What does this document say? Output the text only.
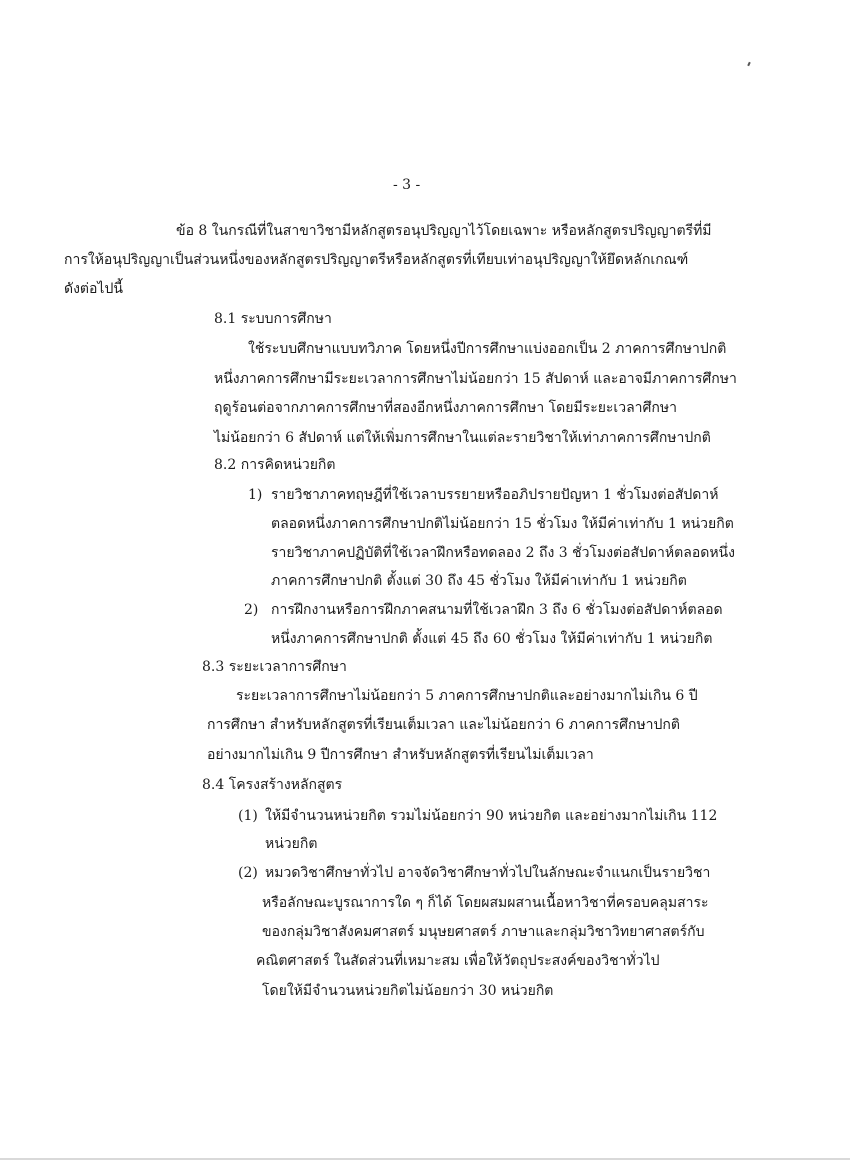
- 3 -
ข้อ 8 ในกรณีที่ในสาขาวิชามีหลักสูตรอนุปริญญาไว้โดยเฉพาะ หรือหลักสูตรปริญญาตรีที่มี
การให้อนุปริญญาเป็นส่วนหนึ่งของหลักสูตรปริญญาตรีหรือหลักสูตรที่เทียบเท่าอนุปริญญาให้ยึดหลักเกณฑ์
ดังต่อไปนี้
8.1 ระบบการศึกษา
ใช้ระบบศึกษาแบบทวิภาค โดยหนึ่งปีการศึกษาแบ่งออกเป็น 2 ภาคการศึกษาปกติ
หนึ่งภาคการศึกษามีระยะเวลาการศึกษาไม่น้อยกว่า 15 สัปดาห์ และอาจมีภาคการศึกษา
ฤดูร้อนต่อจากภาคการศึกษาที่สองอีกหนึ่งภาคการศึกษา โดยมีระยะเวลาศึกษา
ไม่น้อยกว่า 6 สัปดาห์ แต่ให้เพิ่มการศึกษาในแต่ละรายวิชาให้เท่าภาคการศึกษาปกติ
8.2 การคิดหน่วยกิต
1) รายวิชาภาคทฤษฎีที่ใช้เวลาบรรยายหรืออภิปรายปัญหา 1 ชั่วโมงต่อสัปดาห์
ตลอดหนึ่งภาคการศึกษาปกติไม่น้อยกว่า 15 ชั่วโมง ให้มีค่าเท่ากับ 1 หน่วยกิต
รายวิชาภาคปฏิบัติที่ใช้เวลาฝึกหรือทดลอง 2 ถึง 3 ชั่วโมงต่อสัปดาห์ตลอดหนึ่ง
ภาคการศึกษาปกติ ตั้งแต่ 30 ถึง 45 ชั่วโมง ให้มีค่าเท่ากับ 1 หน่วยกิต
2) การฝึกงานหรือการฝึกภาคสนามที่ใช้เวลาฝึก 3 ถึง 6 ชั่วโมงต่อสัปดาห์ตลอด
หนึ่งภาคการศึกษาปกติ ตั้งแต่ 45 ถึง 60 ชั่วโมง ให้มีค่าเท่ากับ 1 หน่วยกิต
8.3 ระยะเวลาการศึกษา
ระยะเวลาการศึกษาไม่น้อยกว่า 5 ภาคการศึกษาปกติและอย่างมากไม่เกิน 6 ปี
การศึกษา สำหรับหลักสูตรที่เรียนเต็มเวลา และไม่น้อยกว่า 6 ภาคการศึกษาปกติ
อย่างมากไม่เกิน 9 ปีการศึกษา สำหรับหลักสูตรที่เรียนไม่เต็มเวลา
8.4 โครงสร้างหลักสูตร
(1) ให้มีจำนวนหน่วยกิต รวมไม่น้อยกว่า 90 หน่วยกิต และอย่างมากไม่เกิน 112
หน่วยกิต
(2) หมวดวิชาศึกษาทั่วไป อาจจัดวิชาศึกษาทั่วไปในลักษณะจำแนกเป็นรายวิชา
หรือลักษณะบูรณาการใด ๆ ก็ได้ โดยผสมผสานเนื้อหาวิชาที่ครอบคลุมสาระ
ของกลุ่มวิชาสังคมศาสตร์ มนุษยศาสตร์ ภาษาและกลุ่มวิชาวิทยาศาสตร์กับ
คณิตศาสตร์ ในสัดส่วนที่เหมาะสม เพื่อให้วัตถุประสงค์ของวิชาทั่วไป
โดยให้มีจำนวนหน่วยกิตไม่น้อยกว่า 30 หน่วยกิต
